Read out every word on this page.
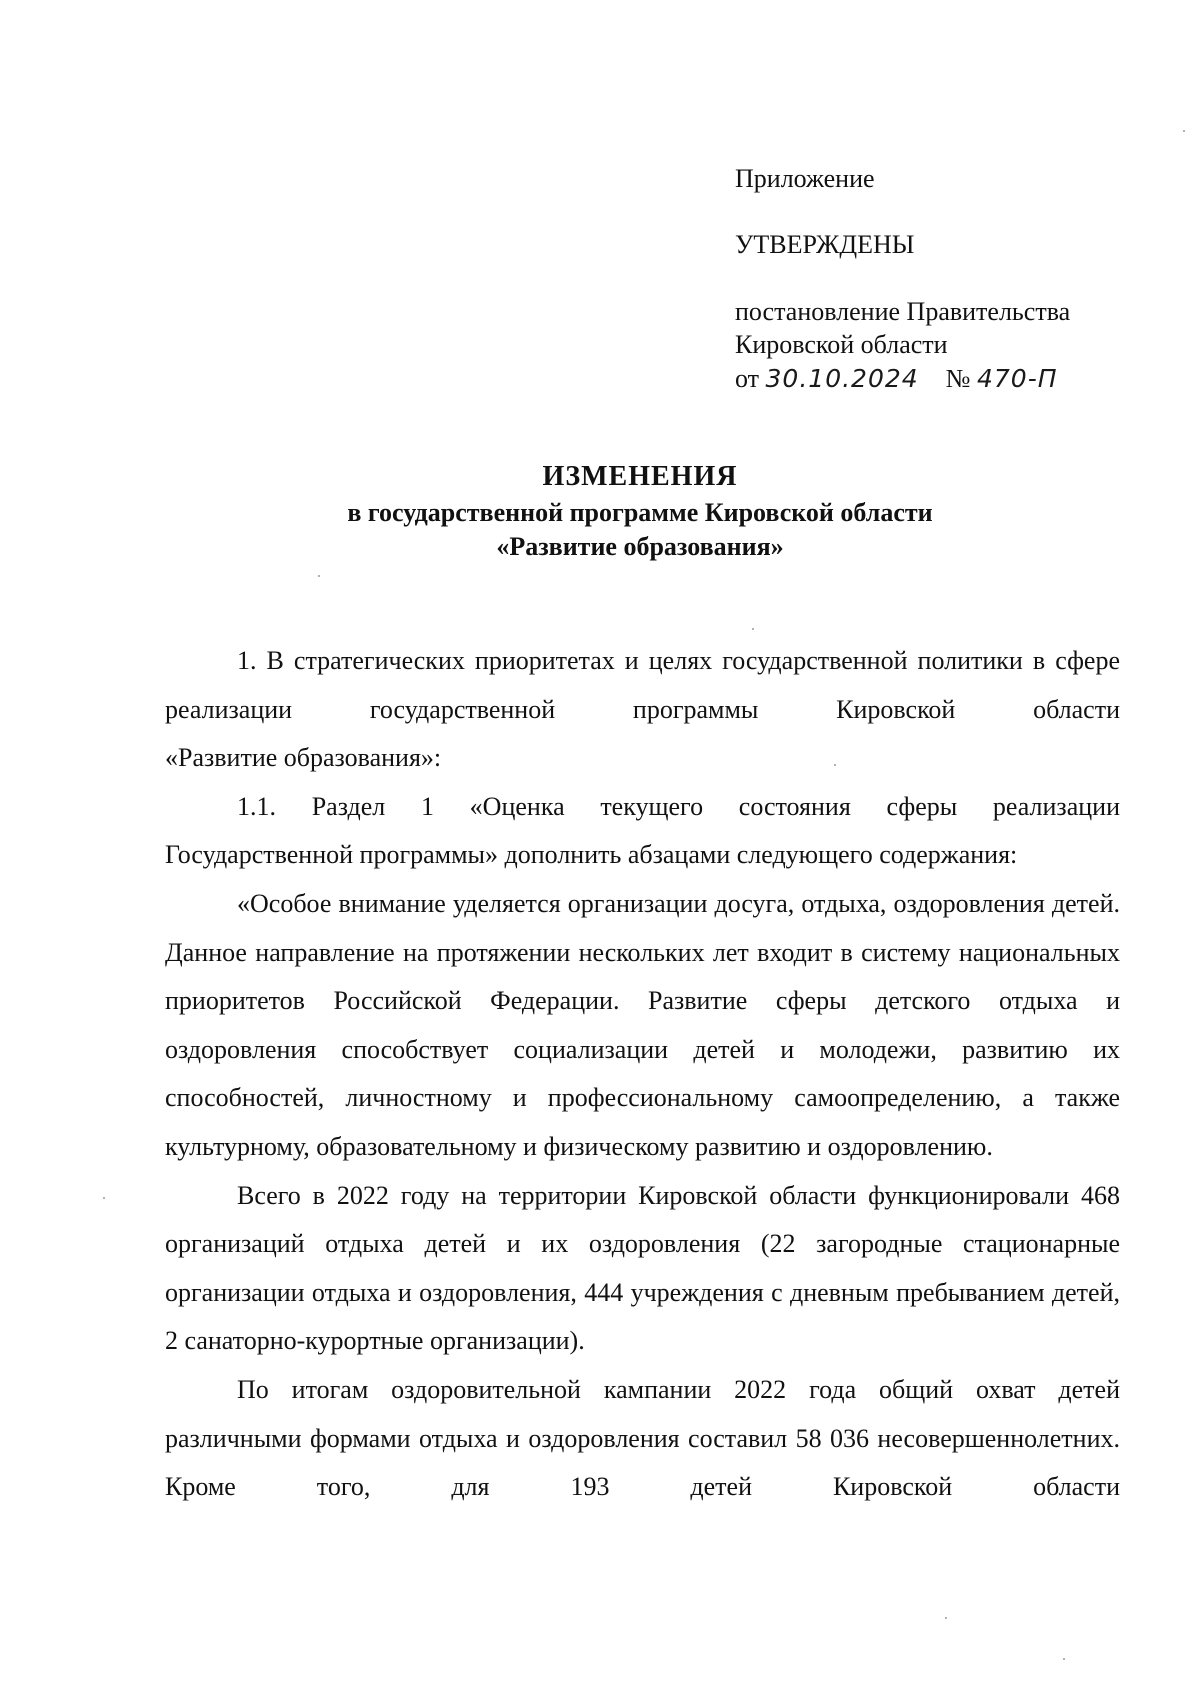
Приложение
УТВЕРЖДЕНЫ
постановление Правительства
Кировской области
от 30.10.2024 № 470-П
ИЗМЕНЕНИЯ
в государственной программе Кировской области
«Развитие образования»

1. В стратегических приоритетах и целях государственной политики в сфере реализации государственной программы Кировской области

«Развитие образования»:

1.1. Раздел 1 «Оценка текущего состояния сферы реализации

Государственной программы» дополнить абзацами следующего содержания:

«Особое внимание уделяется организации досуга, отдыха, оздоровления детей. Данное направление на протяжении нескольких лет входит в систему национальных приоритетов Российской Федерации. Развитие сферы детского отдыха и оздоровления способствует социализации детей и молодежи, развитию их способностей, личностному и профессиональному самоопределению, а также культурному, образовательному и физическому развитию и оздоровлению.

Всего в 2022 году на территории Кировской области функционировали 468 организаций отдыха детей и их оздоровления (22 загородные стационарные организации отдыха и оздоровления, 444 учреждения с дневным пребыванием детей, 2 санаторно-курортные организации).

По итогам оздоровительной кампании 2022 года общий охват детей различными формами отдыха и оздоровления составил 58 036 несовершеннолетних. Кроме того, для 193 детей Кировской области
